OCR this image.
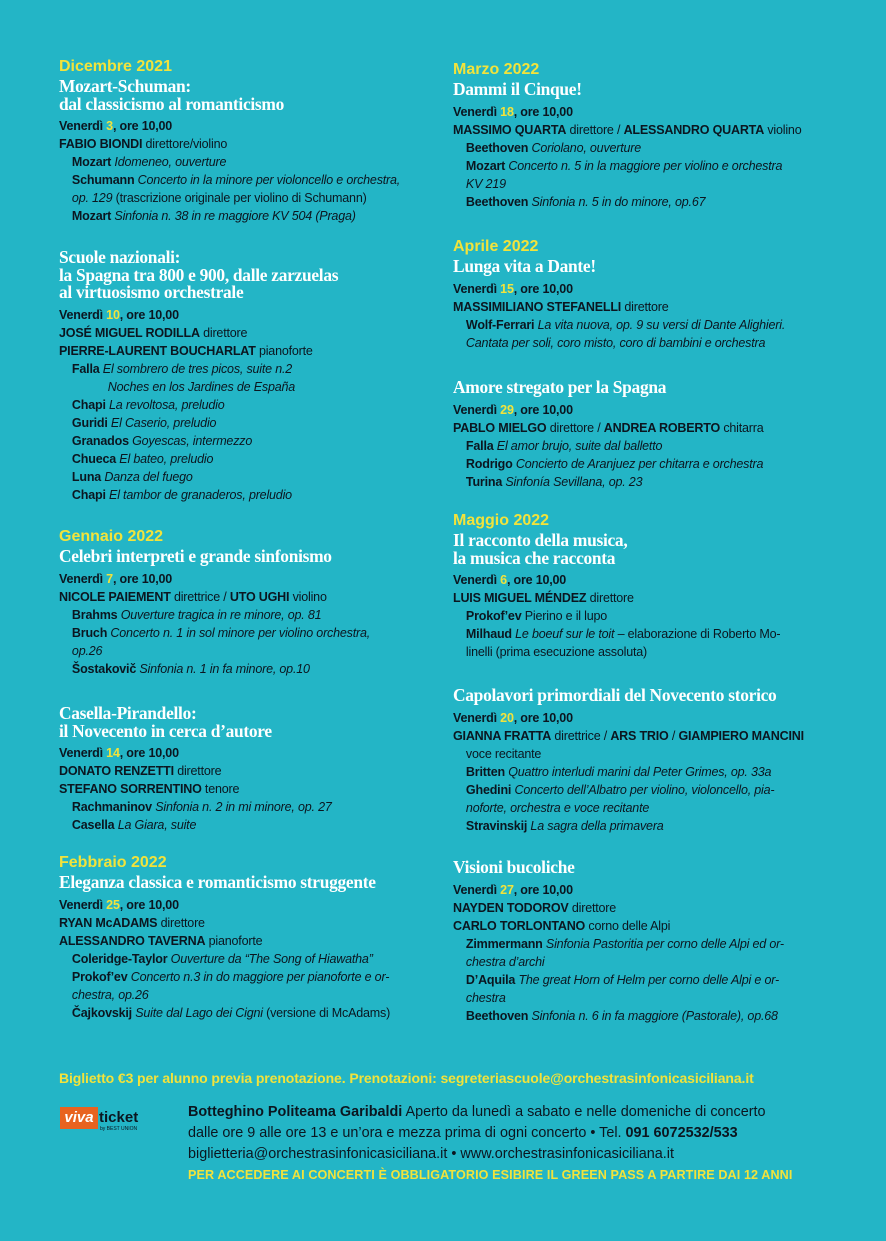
Dicembre 2021
Mozart-Schuman:
dal classicismo al romanticismo
Venerdì 3, ore 10,00
FABIO BIONDI direttore/violino
Mozart Idomeneo, ouverture
Schumann Concerto in la minore per violoncello e orchestra,
op. 129 (trascrizione originale per violino di Schumann)
Mozart Sinfonia n. 38 in re maggiore KV 504 (Praga)
Scuole nazionali:
la Spagna tra 800 e 900, dalle zarzuelas
al virtuosismo orchestrale
Venerdì 10, ore 10,00
JOSÉ MIGUEL RODILLA direttore
PIERRE-LAURENT BOUCHARLAT pianoforte
Falla El sombrero de tres picos, suite n.2
Noches en los Jardines de España
Chapi La revoltosa, preludio
Guridi El Caserio, preludio
Granados Goyescas, intermezzo
Chueca El bateo, preludio
Luna Danza del fuego
Chapi El tambor de granaderos, preludio
Gennaio 2022
Celebri interpreti e grande sinfonismo
Venerdì 7, ore 10,00
NICOLE PAIEMENT direttrice / UTO UGHI violino
Brahms Ouverture tragica in re minore, op. 81
Bruch Concerto n. 1 in sol minore per violino orchestra,
op.26
Šostakovič Sinfonia n. 1 in fa minore, op.10
Casella-Pirandello:
il Novecento in cerca d’autore
Venerdì 14, ore 10,00
DONATO RENZETTI direttore
STEFANO SORRENTINO tenore
Rachmaninov Sinfonia n. 2 in mi minore, op. 27
Casella La Giara, suite
Febbraio 2022
Eleganza classica e romanticismo struggente
Venerdì 25, ore 10,00
RYAN McADAMS direttore
ALESSANDRO TAVERNA pianoforte
Coleridge-Taylor Ouverture da “The Song of Hiawatha”
Prokof’ev Concerto n.3 in do maggiore per pianoforte e or-
chestra, op.26
Čajkovskij Suite dal Lago dei Cigni (versione di McAdams)
Marzo 2022
Dammi il Cinque!
Venerdì 18, ore 10,00
MASSIMO QUARTA direttore / ALESSANDRO QUARTA violino
Beethoven Coriolano, ouverture
Mozart Concerto n. 5 in la maggiore per violino e orchestra
KV 219
Beethoven Sinfonia n. 5 in do minore, op.67
Aprile 2022
Lunga vita a Dante!
Venerdì 15, ore 10,00
MASSIMILIANO STEFANELLI direttore
Wolf-Ferrari La vita nuova, op. 9 su versi di Dante Alighieri.
Cantata per soli, coro misto, coro di bambini e orchestra
Amore stregato per la Spagna
Venerdì 29, ore 10,00
PABLO MIELGO direttore / ANDREA ROBERTO chitarra
Falla El amor brujo, suite dal balletto
Rodrigo Concierto de Aranjuez per chitarra e orchestra
Turina Sinfonía Sevillana, op. 23
Maggio 2022
Il racconto della musica,
la musica che racconta
Venerdì 6, ore 10,00
LUIS MIGUEL MÉNDEZ direttore
Prokof’ev Pierino e il lupo
Milhaud Le boeuf sur le toit – elaborazione di Roberto Mo-
linelli (prima esecuzione assoluta)
Capolavori primordiali del Novecento storico
Venerdì 20, ore 10,00
GIANNA FRATTA direttrice / ARS TRIO / GIAMPIERO MANCINI
voce recitante
Britten Quattro interludi marini dal Peter Grimes, op. 33a
Ghedini Concerto dell’Albatro per violino, violoncello, pia-
noforte, orchestra e voce recitante
Stravinskij La sagra della primavera
Visioni bucoliche
Venerdì 27, ore 10,00
NAYDEN TODOROV direttore
CARLO TORLONTANO corno delle Alpi
Zimmermann Sinfonia Pastoritia per corno delle Alpi ed or-
chestra d’archi
D’Aquila The great Horn of Helm per corno delle Alpi e or-
chestra
Beethoven Sinfonia n. 6 in fa maggiore (Pastorale), op.68
Biglietto €3 per alunno previa prenotazione. Prenotazioni: segreteriascuole@orchestrasinfonicasiciliana.it
viva ticket
by BEST UNION
Botteghino Politeama Garibaldi Aperto da lunedì a sabato e nelle domeniche di concerto
dalle ore 9 alle ore 13 e un’ora e mezza prima di ogni concerto • Tel. 091 6072532/533
biglietteria@orchestrasinfonicasiciliana.it • www.orchestrasinfonicasiciliana.it
PER ACCEDERE AI CONCERTI È OBBLIGATORIO ESIBIRE IL GREEN PASS A PARTIRE DAI 12 ANNI
